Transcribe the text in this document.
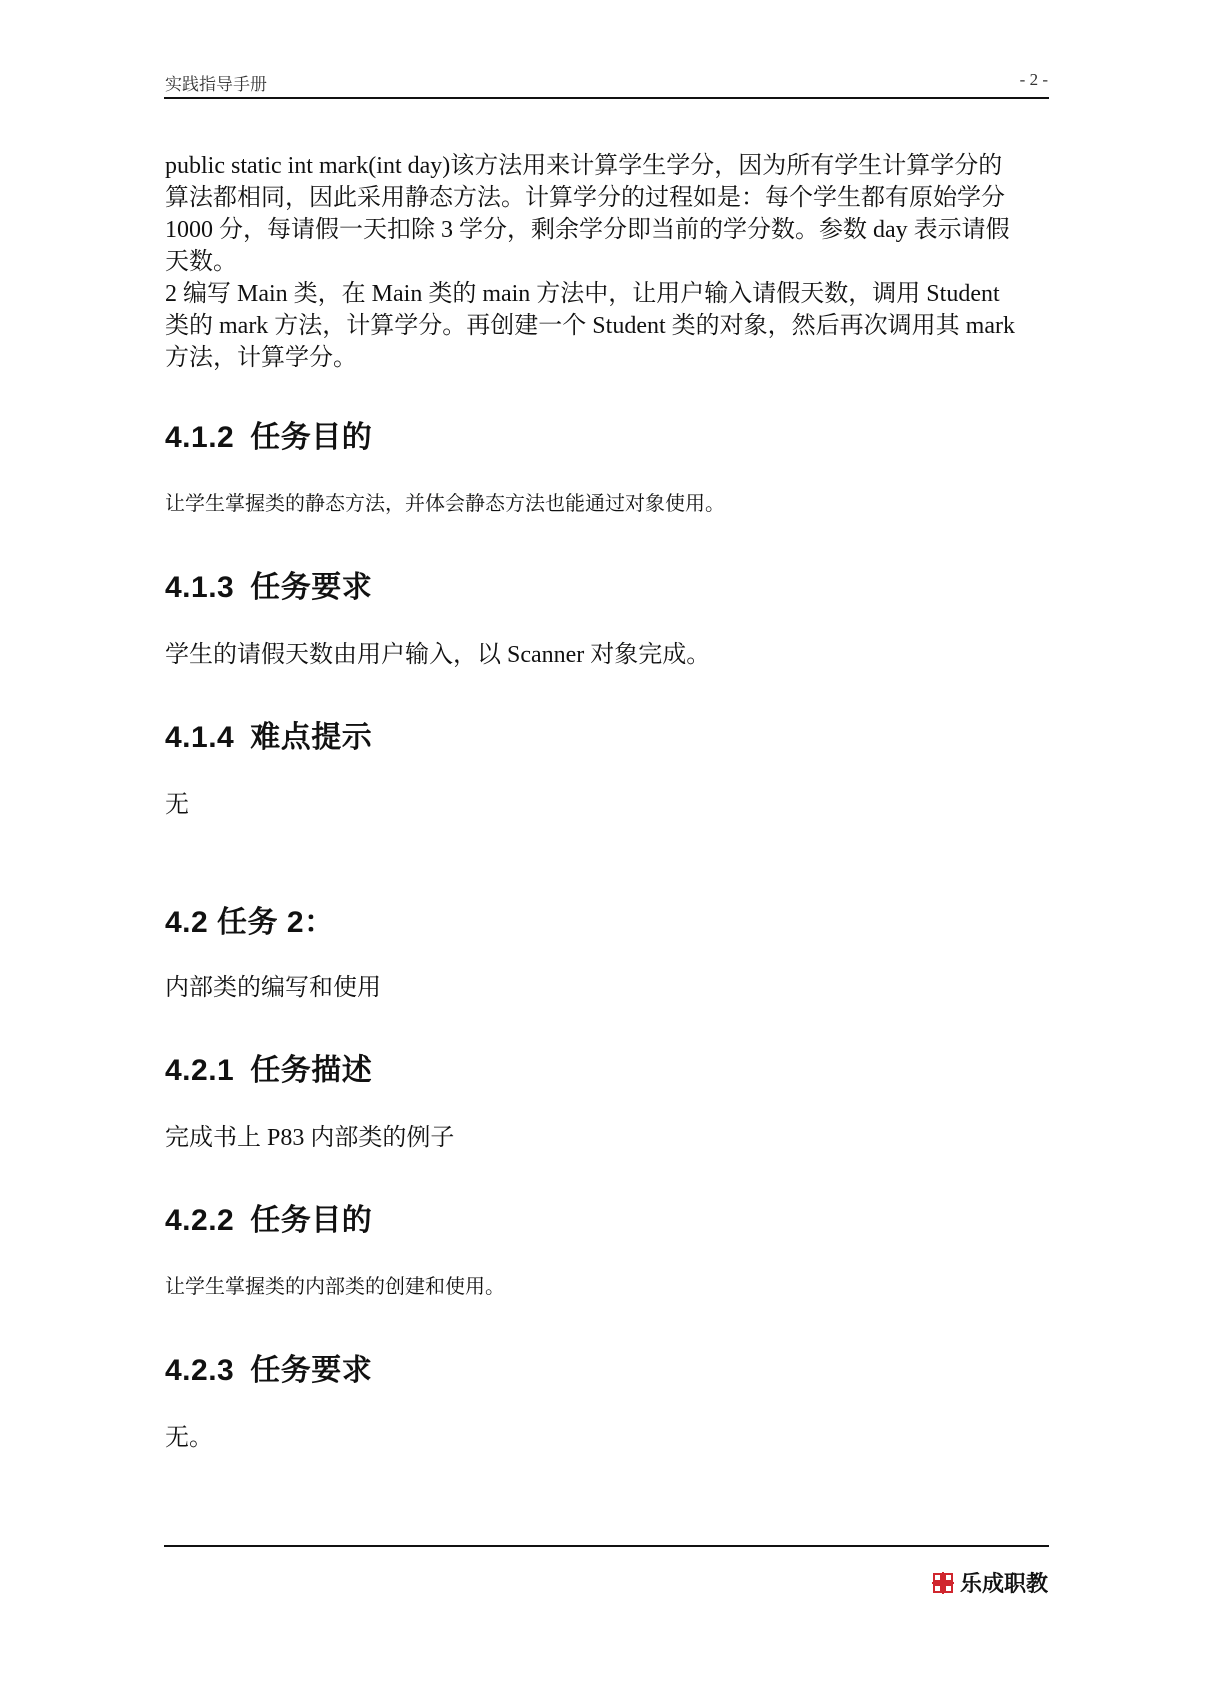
实践指导手册	- 2 -

public static int mark(int day)该方法用来计算学生学分，因为所有学生计算学分的

算法都相同，因此采用静态方法。计算学分的过程如是：每个学生都有原始学分

1000 分，每请假一天扣除 3 学分，剩余学分即当前的学分数。参数 day 表示请假

天数。

2 编写 Main 类，在 Main 类的 main 方法中，让用户输入请假天数，调用 Student

类的 mark 方法，计算学分。再创建一个 Student 类的对象，然后再次调用其 mark

方法，计算学分。

4.1.2 任务目的

让学生掌握类的静态方法，并体会静态方法也能通过对象使用。

4.1.3 任务要求

学生的请假天数由用户输入，以 Scanner 对象完成。

4.1.4 难点提示

无

4.2 任务 2：

内部类的编写和使用

4.2.1 任务描述

完成书上 P83 内部类的例子

4.2.2 任务目的

让学生掌握类的内部类的创建和使用。

4.2.3 任务要求

无。

乐成职教
